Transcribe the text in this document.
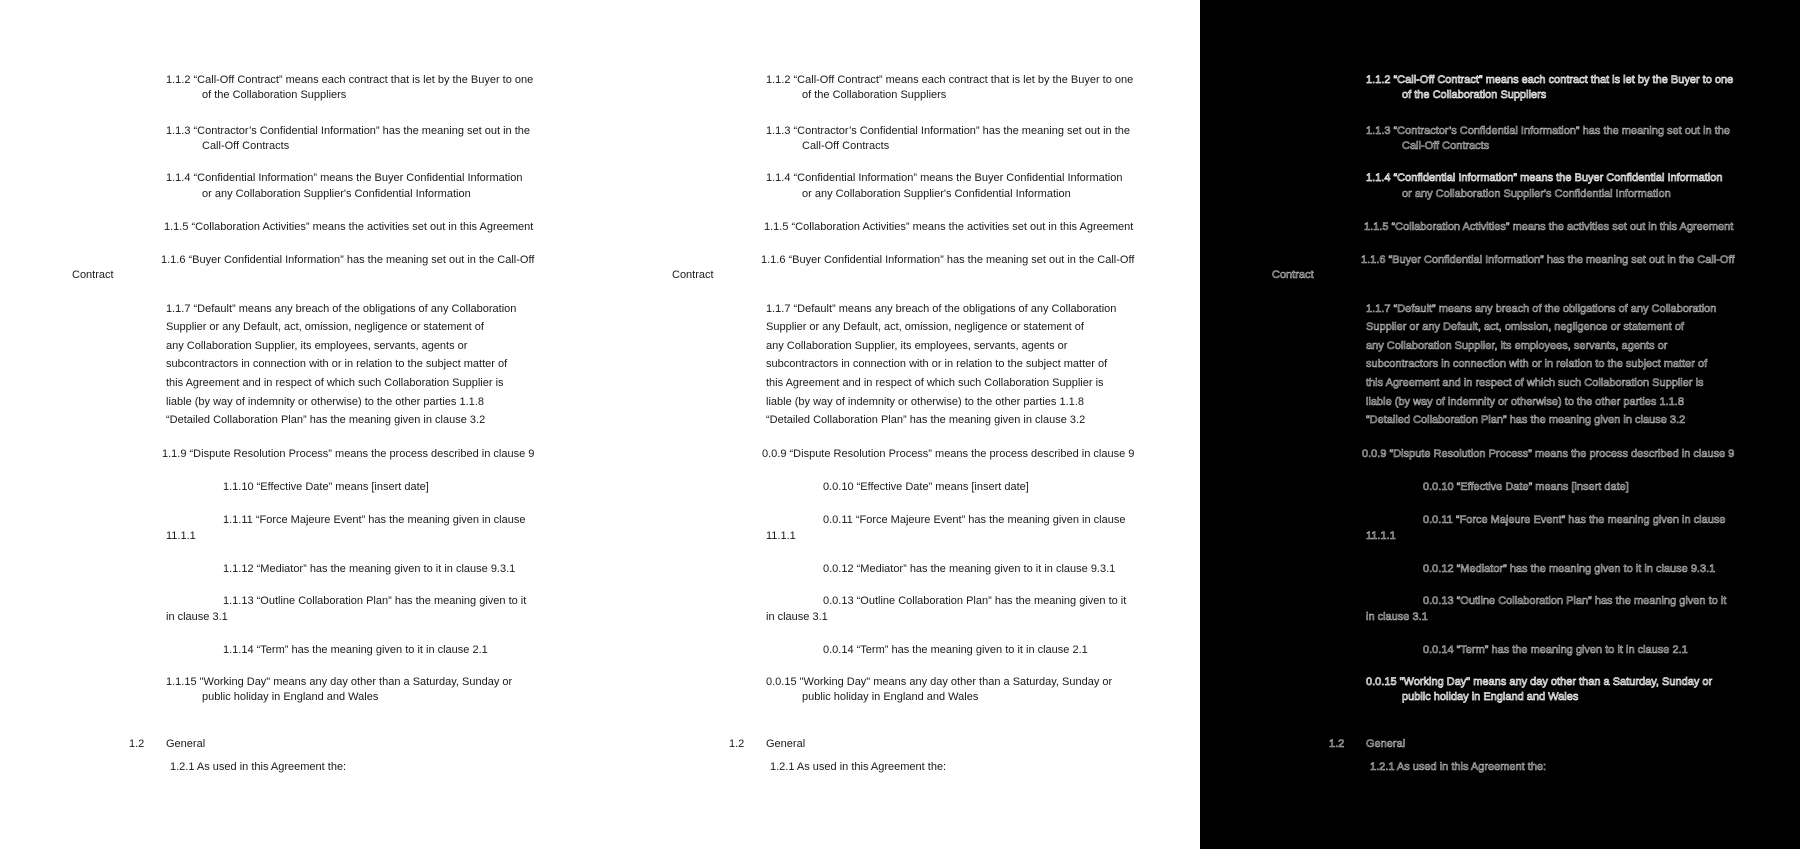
1.1.2 “Call-Off Contract” means each contract that is let by the Buyer to one
of the Collaboration Suppliers
1.1.3 “Contractor’s Confidential Information” has the meaning set out in the
Call-Off Contracts
1.1.4 “Confidential Information” means the Buyer Confidential Information
or any Collaboration Supplier's Confidential Information
1.1.5 “Collaboration Activities” means the activities set out in this Agreement
1.1.6 “Buyer Confidential Information” has the meaning set out in the Call-Off
Contract
1.1.7 “Default” means any breach of the obligations of any Collaboration
Supplier or any Default, act, omission, negligence or statement of
any Collaboration Supplier, its employees, servants, agents or
subcontractors in connection with or in relation to the subject matter of
this Agreement and in respect of which such Collaboration Supplier is
liable (by way of indemnity or otherwise) to the other parties 1.1.8
“Detailed Collaboration Plan” has the meaning given in clause 3.2
1.1.9 “Dispute Resolution Process” means the process described in clause 9
1.1.10 “Effective Date” means [insert date]
1.1.11 “Force Majeure Event” has the meaning given in clause
11.1.1
1.1.12 “Mediator” has the meaning given to it in clause 9.3.1
1.1.13 “Outline Collaboration Plan” has the meaning given to it
in clause 3.1
1.1.14 “Term” has the meaning given to it in clause 2.1
1.1.15 "Working Day" means any day other than a Saturday, Sunday or
public holiday in England and Wales
1.2 General
1.2.1 As used in this Agreement the:
1.1.2 “Call-Off Contract” means each contract that is let by the Buyer to one
of the Collaboration Suppliers
1.1.3 “Contractor’s Confidential Information” has the meaning set out in the
Call-Off Contracts
1.1.4 “Confidential Information” means the Buyer Confidential Information
or any Collaboration Supplier's Confidential Information
1.1.5 “Collaboration Activities” means the activities set out in this Agreement
1.1.6 “Buyer Confidential Information” has the meaning set out in the Call-Off
Contract
1.1.7 “Default” means any breach of the obligations of any Collaboration
Supplier or any Default, act, omission, negligence or statement of
any Collaboration Supplier, its employees, servants, agents or
subcontractors in connection with or in relation to the subject matter of
this Agreement and in respect of which such Collaboration Supplier is
liable (by way of indemnity or otherwise) to the other parties 1.1.8
“Detailed Collaboration Plan” has the meaning given in clause 3.2
0.0.9 “Dispute Resolution Process” means the process described in clause 9
0.0.10 “Effective Date” means [insert date]
0.0.11 “Force Majeure Event” has the meaning given in clause
11.1.1
0.0.12 “Mediator” has the meaning given to it in clause 9.3.1
0.0.13 “Outline Collaboration Plan” has the meaning given to it
in clause 3.1
0.0.14 “Term” has the meaning given to it in clause 2.1
0.0.15 "Working Day" means any day other than a Saturday, Sunday or
public holiday in England and Wales
1.2 General
1.2.1 As used in this Agreement the:
1.1.2 “Call-Off Contract” means each contract that is let by the Buyer to one
of the Collaboration Suppliers
1.1.3 “Contractor’s Confidential Information” has the meaning set out in the
Call-Off Contracts
1.1.4 “Confidential Information” means the Buyer Confidential Information
or any Collaboration Supplier's Confidential Information
1.1.5 “Collaboration Activities” means the activities set out in this Agreement
1.1.6 “Buyer Confidential Information” has the meaning set out in the Call-Off
Contract
1.1.7 “Default” means any breach of the obligations of any Collaboration
Supplier or any Default, act, omission, negligence or statement of
any Collaboration Supplier, its employees, servants, agents or
subcontractors in connection with or in relation to the subject matter of
this Agreement and in respect of which such Collaboration Supplier is
liable (by way of indemnity or otherwise) to the other parties 1.1.8
“Detailed Collaboration Plan” has the meaning given in clause 3.2
0.0.9 “Dispute Resolution Process” means the process described in clause 9
0.0.10 “Effective Date” means [insert date]
0.0.11 “Force Majeure Event” has the meaning given in clause
11.1.1
0.0.12 “Mediator” has the meaning given to it in clause 9.3.1
0.0.13 “Outline Collaboration Plan” has the meaning given to it
in clause 3.1
0.0.14 “Term” has the meaning given to it in clause 2.1
0.0.15 "Working Day" means any day other than a Saturday, Sunday or
public holiday in England and Wales
1.2 General
1.2.1 As used in this Agreement the:
